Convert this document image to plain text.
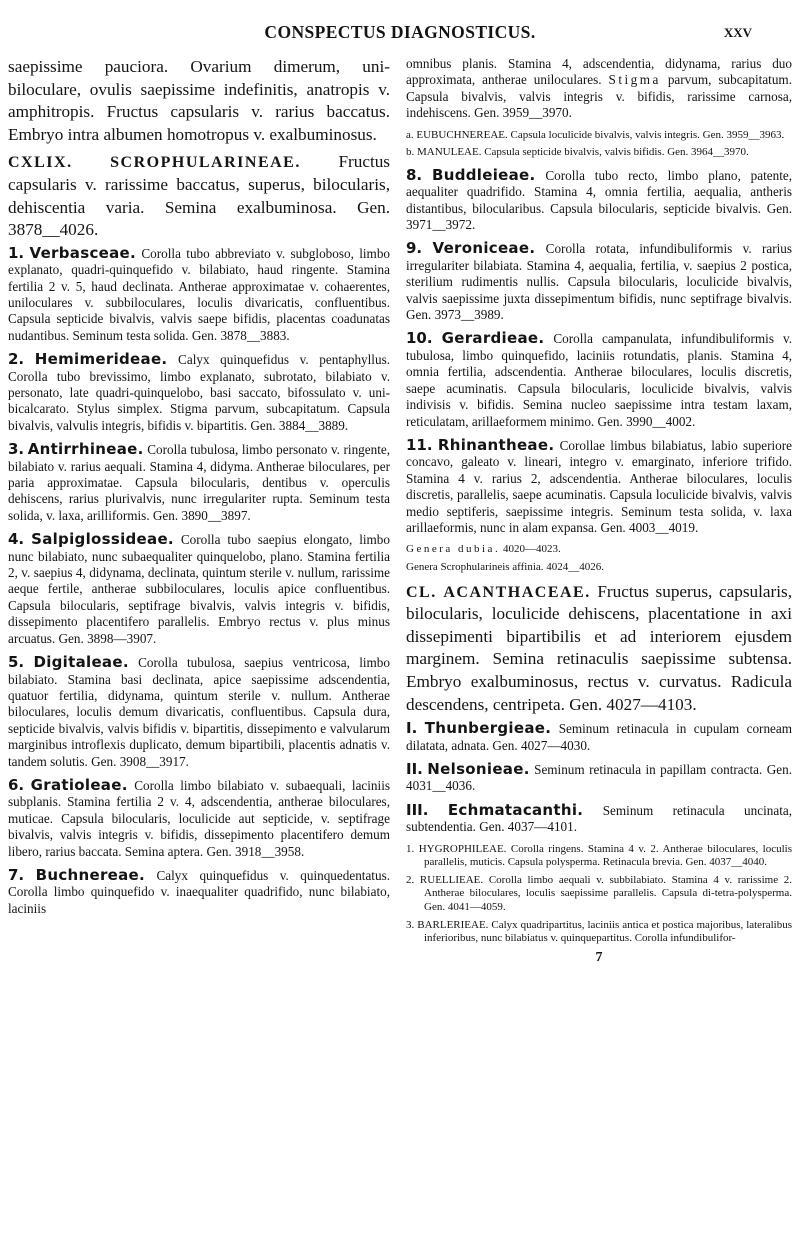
CONSPECTUS DIAGNOSTICUS.	XXV

saepissime pauciora. Ovarium dimerum, uni-biloculare, ovulis saepissime indefinitis, anatropis v. amphitropis. Fructus capsularis v. rarius baccatus. Embryo intra albumen homotropus v. exalbuminosus.

CXLIX. SCROPHULARINEAE. Fructus capsularis v. rarissime baccatus, superus, bilocularis, dehiscentia varia. Semina exalbuminosa. Gen. 3878__4026.

1. Verbasceae. Corolla tubo abbreviato v. subgloboso, limbo explanato, quadri-quinquefido v. bilabiato, haud ringente. Stamina fertilia 2 v. 5, haud declinata. Antherae approximatae v. cohaerentes, uniloculares v. subbiloculares, loculis divaricatis, confluentibus. Capsula septicide bivalvis, valvis saepe bifidis, placentas coadunatas nudantibus. Seminum testa solida. Gen. 3878__3883.

2. Hemimerideae. Calyx quinquefidus v. pentaphyllus. Corolla tubo brevissimo, limbo explanato, subrotato, bilabiato v. personato, late quadri-quinquelobo, basi saccato, bifossulato v. uni-bicalcarato. Stylus simplex. Stigma parvum, subcapitatum. Capsula bivalvis, valvulis integris, bifidis v. bipartitis. Gen. 3884__3889.

3. Antirrhineae. Corolla tubulosa, limbo personato v. ringente, bilabiato v. rarius aequali. Stamina 4, didyma. Antherae biloculares, per paria approximatae. Capsula bilocularis, dentibus v. operculis dehiscens, rarius plurivalvis, nunc irregulariter rupta. Seminum testa solida, v. laxa, arilliformis. Gen. 3890__3897.

4. Salpiglossideae. Corolla tubo saepius elongato, limbo nunc bilabiato, nunc subaequaliter quinquelobo, plano. Stamina fertilia 2, v. saepius 4, didynama, declinata, quintum sterile v. nullum, rarissime aeque fertile, antherae subbiloculares, loculis apice confluentibus. Capsula bilocularis, septifrage bivalvis, valvis integris v. bifidis, dissepimento placentifero parallelis. Embryo rectus v. plus minus arcuatus. Gen. 3898—3907.

5. Digitaleae. Corolla tubulosa, saepius ventricosa, limbo bilabiato. Stamina basi declinata, apice saepissime adscendentia, quatuor fertilia, didynama, quintum sterile v. nullum. Antherae biloculares, loculis demum divaricatis, confluentibus. Capsula dura, septicide bivalvis, valvis bifidis v. bipartitis, dissepimento e valvularum marginibus introflexis duplicato, demum bipartibili, placentis adnatis v. tandem solutis. Gen. 3908__3917.

6. Gratioleae. Corolla limbo bilabiato v. subaequali, laciniis subplanis. Stamina fertilia 2 v. 4, adscendentia, antherae biloculares, muticae. Capsula bilocularis, loculicide aut septicide, v. septifrage bivalvis, valvis integris v. bifidis, dissepimento placentifero demum libero, rarius baccata. Semina aptera. Gen. 3918__3958.

7. Buchnereae. Calyx quinquefidus v. quinquedentatus. Corolla limbo quinquefido v. inaequaliter quadrifido, nunc bilabiato, laciniis

omnibus planis. Stamina 4, adscendentia, didynama, rarius duo approximata, antherae uniloculares. Stigma parvum, subcapitatum. Capsula bivalvis, valvis integris v. bifidis, rarissime carnosa, indehiscens. Gen. 3959__3970.

a. EUBUCHNEREAE. Capsula loculicide bivalvis, valvis integris. Gen. 3959__3963.

b. MANULEAE. Capsula septicide bivalvis, valvis bifidis. Gen. 3964__3970.

8. Buddleieae. Corolla tubo recto, limbo plano, patente, aequaliter quadrifido. Stamina 4, omnia fertilia, aequalia, antheris distantibus, bilocularibus. Capsula bilocularis, septicide bivalvis. Gen. 3971__3972.

9. Veroniceae. Corolla rotata, infundibuliformis v. rarius irregulariter bilabiata. Stamina 4, aequalia, fertilia, v. saepius 2 postica, sterilium rudimentis nullis. Capsula bilocularis, loculicide bivalvis, valvis saepissime juxta dissepimentum bifidis, nunc septifrage bivalvis. Gen. 3973__3989.

10. Gerardieae. Corolla campanulata, infundibuliformis v. tubulosa, limbo quinquefido, laciniis rotundatis, planis. Stamina 4, omnia fertilia, adscendentia. Antherae biloculares, loculis discretis, saepe acuminatis. Capsula bilocularis, loculicide bivalvis, valvis indivisis v. bifidis. Semina nucleo saepissime intra testam laxam, reticulatam, arillaeformem minimo. Gen. 3990__4002.

11. Rhinantheae. Corollae limbus bilabiatus, labio superiore concavo, galeato v. lineari, integro v. emarginato, inferiore trifido. Stamina 4 v. rarius 2, adscendentia. Antherae biloculares, loculis discretis, parallelis, saepe acuminatis. Capsula loculicide bivalvis, valvis medio septiferis, saepissime integris. Seminum testa solida, v. laxa arillaeformis, nunc in alam expansa. Gen. 4003__4019.

Genera dubia. 4020—4023.

Genera Scrophularineis affinia. 4024__4026.

CL. ACANTHACEAE. Fructus superus, capsularis, bilocularis, loculicide dehiscens, placentatione in axi dissepimenti bipartibilis et ad interiorem ejusdem marginem. Semina retinaculis saepissime subtensa. Embryo exalbuminosus, rectus v. curvatus. Radicula descendens, centripeta. Gen. 4027—4103.

I. Thunbergieae. Seminum retinacula in cupulam corneam dilatata, adnata. Gen. 4027—4030.

II. Nelsonieae. Seminum retinacula in papillam contracta. Gen. 4031__4036.

III. Echmatacanthi. Seminum retinacula uncinata, subtendentia. Gen. 4037—4101.

1. HYGROPHILEAE. Corolla ringens. Stamina 4 v. 2. Antherae biloculares, loculis parallelis, muticis. Capsula polysperma. Retinacula brevia. Gen. 4037__4040.

2. RUELLIEAE. Corolla limbo aequali v. subbilabiato. Stamina 4 v. rarissime 2. Antherae biloculares, loculis saepissime parallelis. Capsula di-tetra-polysperma. Gen. 4041—4059.

3. BARLERIEAE. Calyx quadripartitus, laciniis antica et postica majoribus, lateralibus inferioribus, nunc bilabiatus v. quinquepartitus. Corolla infundibulifor-

7
